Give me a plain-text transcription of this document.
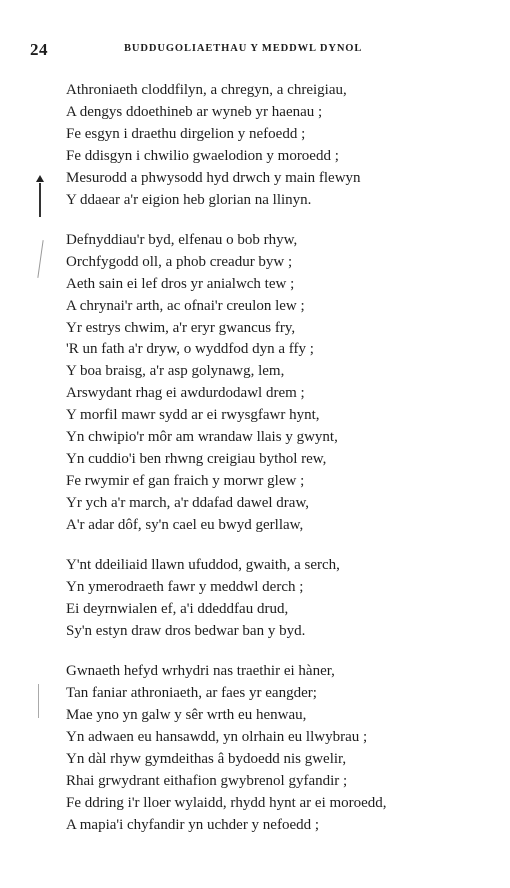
24	BUDDUGOLIAETHAU Y MEDDWL DYNOL
Athroniaeth cloddfilyn, a chregyn, a chreigiau,
A dengys ddoethineb ar wyneb yr haenau ;
Fe esgyn i draethu dirgelion y nefoedd ;
Fe ddisgyn i chwilio gwaelodion y moroedd ;
Mesurodd a phwysodd hyd drwch y main flewyn
Y ddaear a'r eigion heb glorian na llinyn.
Defnyddiau'r byd, elfenau o bob rhyw,
Orchfygodd oll, a phob creadur byw ;
Aeth sain ei lef dros yr anialwch tew ;
A chrynai'r arth, ac ofnai'r creulon lew ;
Yr estrys chwim, a'r eryr gwancus fry,
'R un fath a'r dryw, o wyddfod dyn a ffy ;
Y boa braisg, a'r asp golynawg, lem,
Arswydant rhag ei awdurdodawl drem ;
Y morfil mawr sydd ar ei rwysgfawr hynt,
Yn chwipio'r môr am wrandaw llais y gwynt,
Yn cuddio'i ben rhwng creigiau bythol rew,
Fe rwymir ef gan fraich y morwr glew ;
Yr ych a'r march, a'r ddafad dawel draw,
A'r adar dôf, sy'n cael eu bwyd gerllaw,
Y'nt ddeiliaid llawn ufuddod, gwaith, a serch,
Yn ymerodraeth fawr y meddwl derch ;
Ei deyrnwialen ef, a'i ddeddfau drud,
Sy'n estyn draw dros bedwar ban y byd.
Gwnaeth hefyd wrhydri nas traethir ei hàner,
Tan faniar athroniaeth, ar faes yr eangder;
Mae yno yn galw y sêr wrth eu henwau,
Yn adwaen eu hansawdd, yn olrhain eu llwybrau ;
Yn dàl rhyw gymdeithas â bydoedd nis gwelir,
Rhai grwydrant eithafion gwybrenol gyfandir ;
Fe ddring i'r lloer wylaidd, rhydd hynt ar ei moroedd,
A mapia'i chyfandir yn uchder y nefoedd ;
